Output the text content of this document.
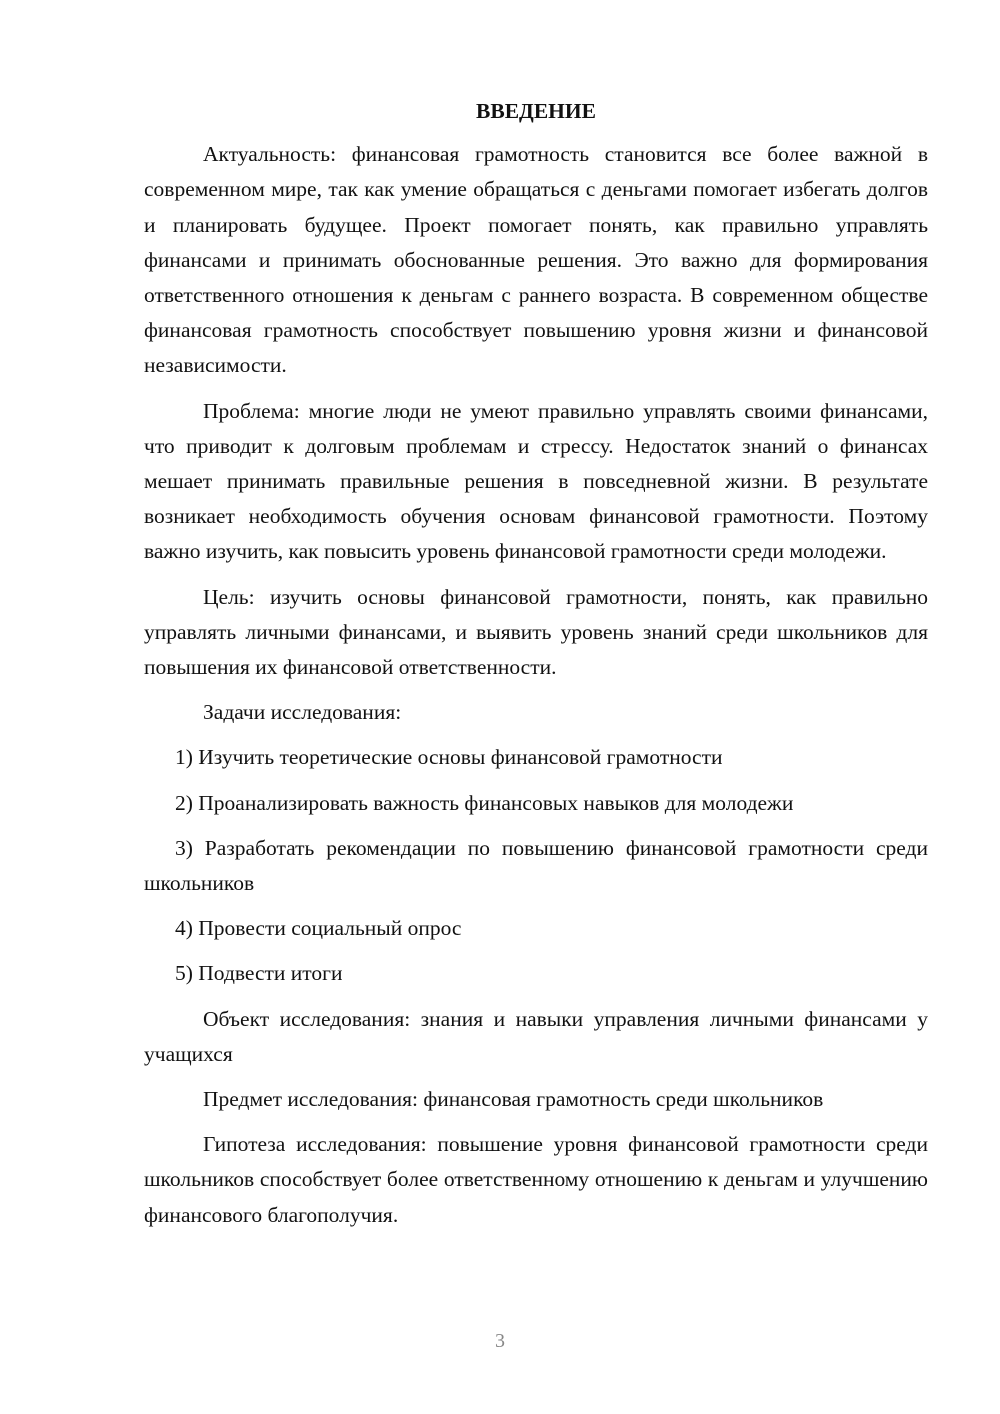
ВВЕДЕНИЕ

Актуальность: финансовая грамотность становится все более важной в современном мире, так как умение обращаться с деньгами помогает избегать долгов и планировать будущее. Проект помогает понять, как правильно управлять финансами и принимать обоснованные решения. Это важно для формирования ответственного отношения к деньгам с раннего возраста. В современном обществе финансовая грамотность способствует повышению уровня жизни и финансовой независимости.

Проблема: многие люди не умеют правильно управлять своими финансами, что приводит к долговым проблемам и стрессу. Недостаток знаний о финансах мешает принимать правильные решения в повседневной жизни. В результате возникает необходимость обучения основам финансовой грамотности. Поэтому важно изучить, как повысить уровень финансовой грамотности среди молодежи.

Цель: изучить основы финансовой грамотности, понять, как правильно управлять личными финансами, и выявить уровень знаний среди школьников для повышения их финансовой ответственности.

Задачи исследования:

1) Изучить теоретические основы финансовой грамотности

2) Проанализировать важность финансовых навыков для молодежи

3) Разработать рекомендации по повышению финансовой грамотности среди школьников

4) Провести социальный опрос

5) Подвести итоги

Объект исследования: знания и навыки управления личными финансами у учащихся

Предмет исследования: финансовая грамотность среди школьников

Гипотеза исследования: повышение уровня финансовой грамотности среди школьников способствует более ответственному отношению к деньгам и улучшению финансового благополучия.

3
